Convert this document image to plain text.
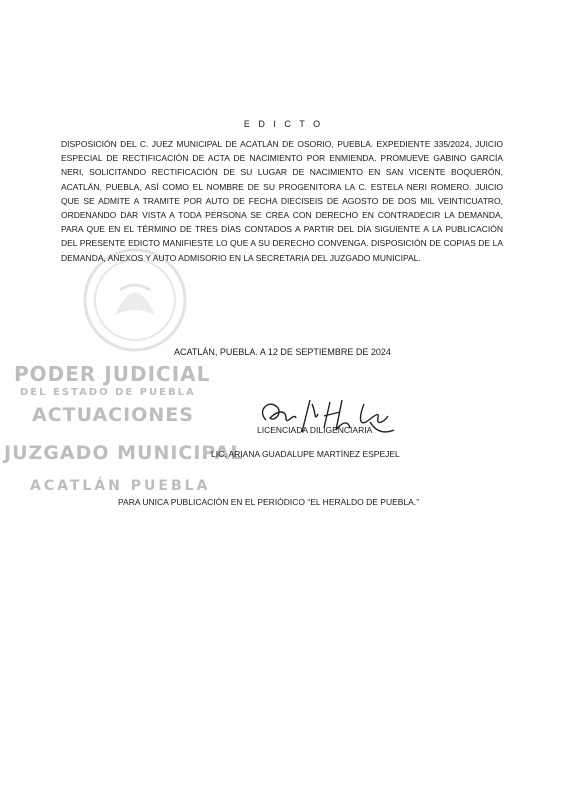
PODER JUDICIAL
DEL ESTADO DE PUEBLA
ACTUACIONES
JUZGADO MUNICIPAL
ACATLÁN PUEBLA
E D I C T O
DISPOSICIÓN DEL C. JUEZ MUNICIPAL DE ACATLÁN DE OSORIO, PUEBLA. EXPEDIENTE 335/2024, JUICIO ESPECIAL DE RECTIFICACIÓN DE ACTA DE NACIMIENTO POR ENMIENDA. PROMUEVE GABINO GARCÍA NERI, SOLICITANDO RECTIFICACIÓN DE SU LUGAR DE NACIMIENTO EN SAN VICENTE BOQUERÓN, ACATLÁN, PUEBLA, ASÍ COMO EL NOMBRE DE SU PROGENITORA LA C. ESTELA NERI ROMERO. JUICIO QUE SE ADMITE A TRAMITE POR AUTO DE FECHA DIECISEIS DE AGOSTO DE DOS MIL VEINTICUATRO, ORDENANDO DAR VISTA A TODA PERSONA SE CREA CON DERECHO EN CONTRADECIR LA DEMANDA, PARA QUE EN EL TÉRMINO DE TRES DÍAS CONTADOS A PARTIR DEL DÍA SIGUIENTE A LA PUBLICACIÓN DEL PRESENTE EDICTO MANIFIESTE LO QUE A SU DERECHO CONVENGA. DISPOSICIÓN DE COPIAS DE LA DEMANDA, ANEXOS Y AUTO ADMISORIO EN LA SECRETARIA DEL JUZGADO MUNICIPAL.
ACATLÁN, PUEBLA. A 12 DE SEPTIEMBRE DE 2024
LICENCIADA DILIGENCIARIA
LIC. ARIANA GUADALUPE MARTÍNEZ ESPEJEL
PARA UNICA PUBLICACIÓN EN EL PERIÓDICO “EL HERALDO DE PUEBLA.”
